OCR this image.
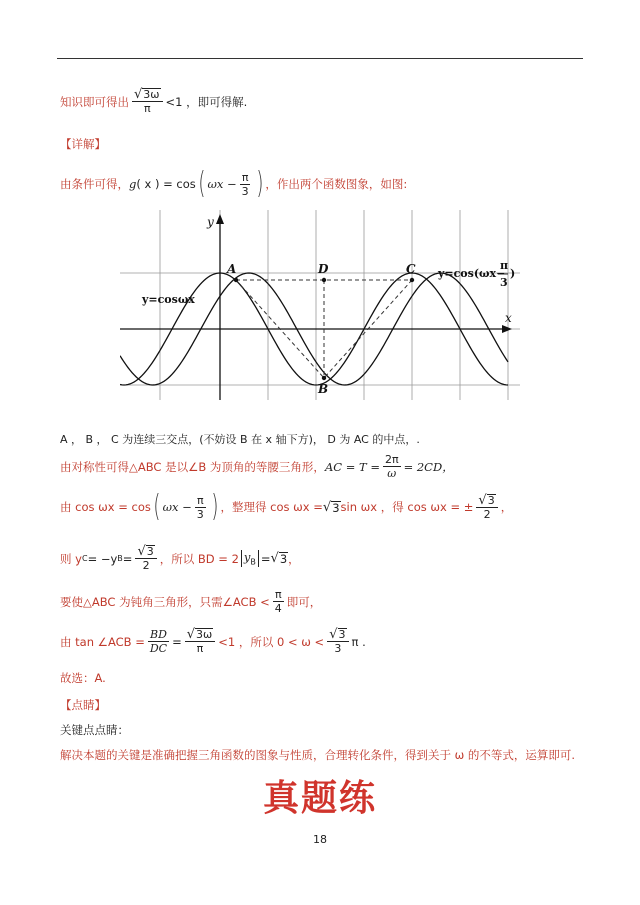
知识即可得出 $\frac{√ 3\omega}{\pi} <1$ ，即可得解.
【详解】
由条件可得， g ( x ) = cos ( $\omega x - \frac{\pi}{3}$ ) ，作出两个函数图象，如图:
y
x
A	D	C
B
y=cosωx
y=cos(ωx−
π
3
)
A ， B ， C 为连续三交点，(不妨设 B 在 x 轴下方)， D 为 AC 的中点，.
由对称性可得△ABC 是以∠B 为顶角的等腰三角形， AC = $T = \frac{2\pi}{\omega} = 2CD$，
由 cos ωx = cos ( $\omega x - \frac{\pi}{3}$ ) ，整理得 cos ωx = √ 3 sin ωx ，得 cos ωx = ± $\frac{√ 3}{2}$ ，
则 y C = −y $B = \frac{√ 3}{2}$ ，所以 BD = 2 $y_B$ = √ 3 ，
要使△ABC 为钝角三角形，只需∠ACB < $\frac{\pi}{4}$ 即可，
由 tan ∠ACB = $\frac{BD}{DC} = \frac{√ 3\omega}{\pi} <1$ ，所以 $0 < \omega < \frac{√ 3}{3}$ π .
故选：A.
【点睛】
关键点点睛：
解决本题的关键是准确把握三角函数的图象与性质，合理转化条件，得到关于 ω 的不等式，运算即可.
真题练
18
